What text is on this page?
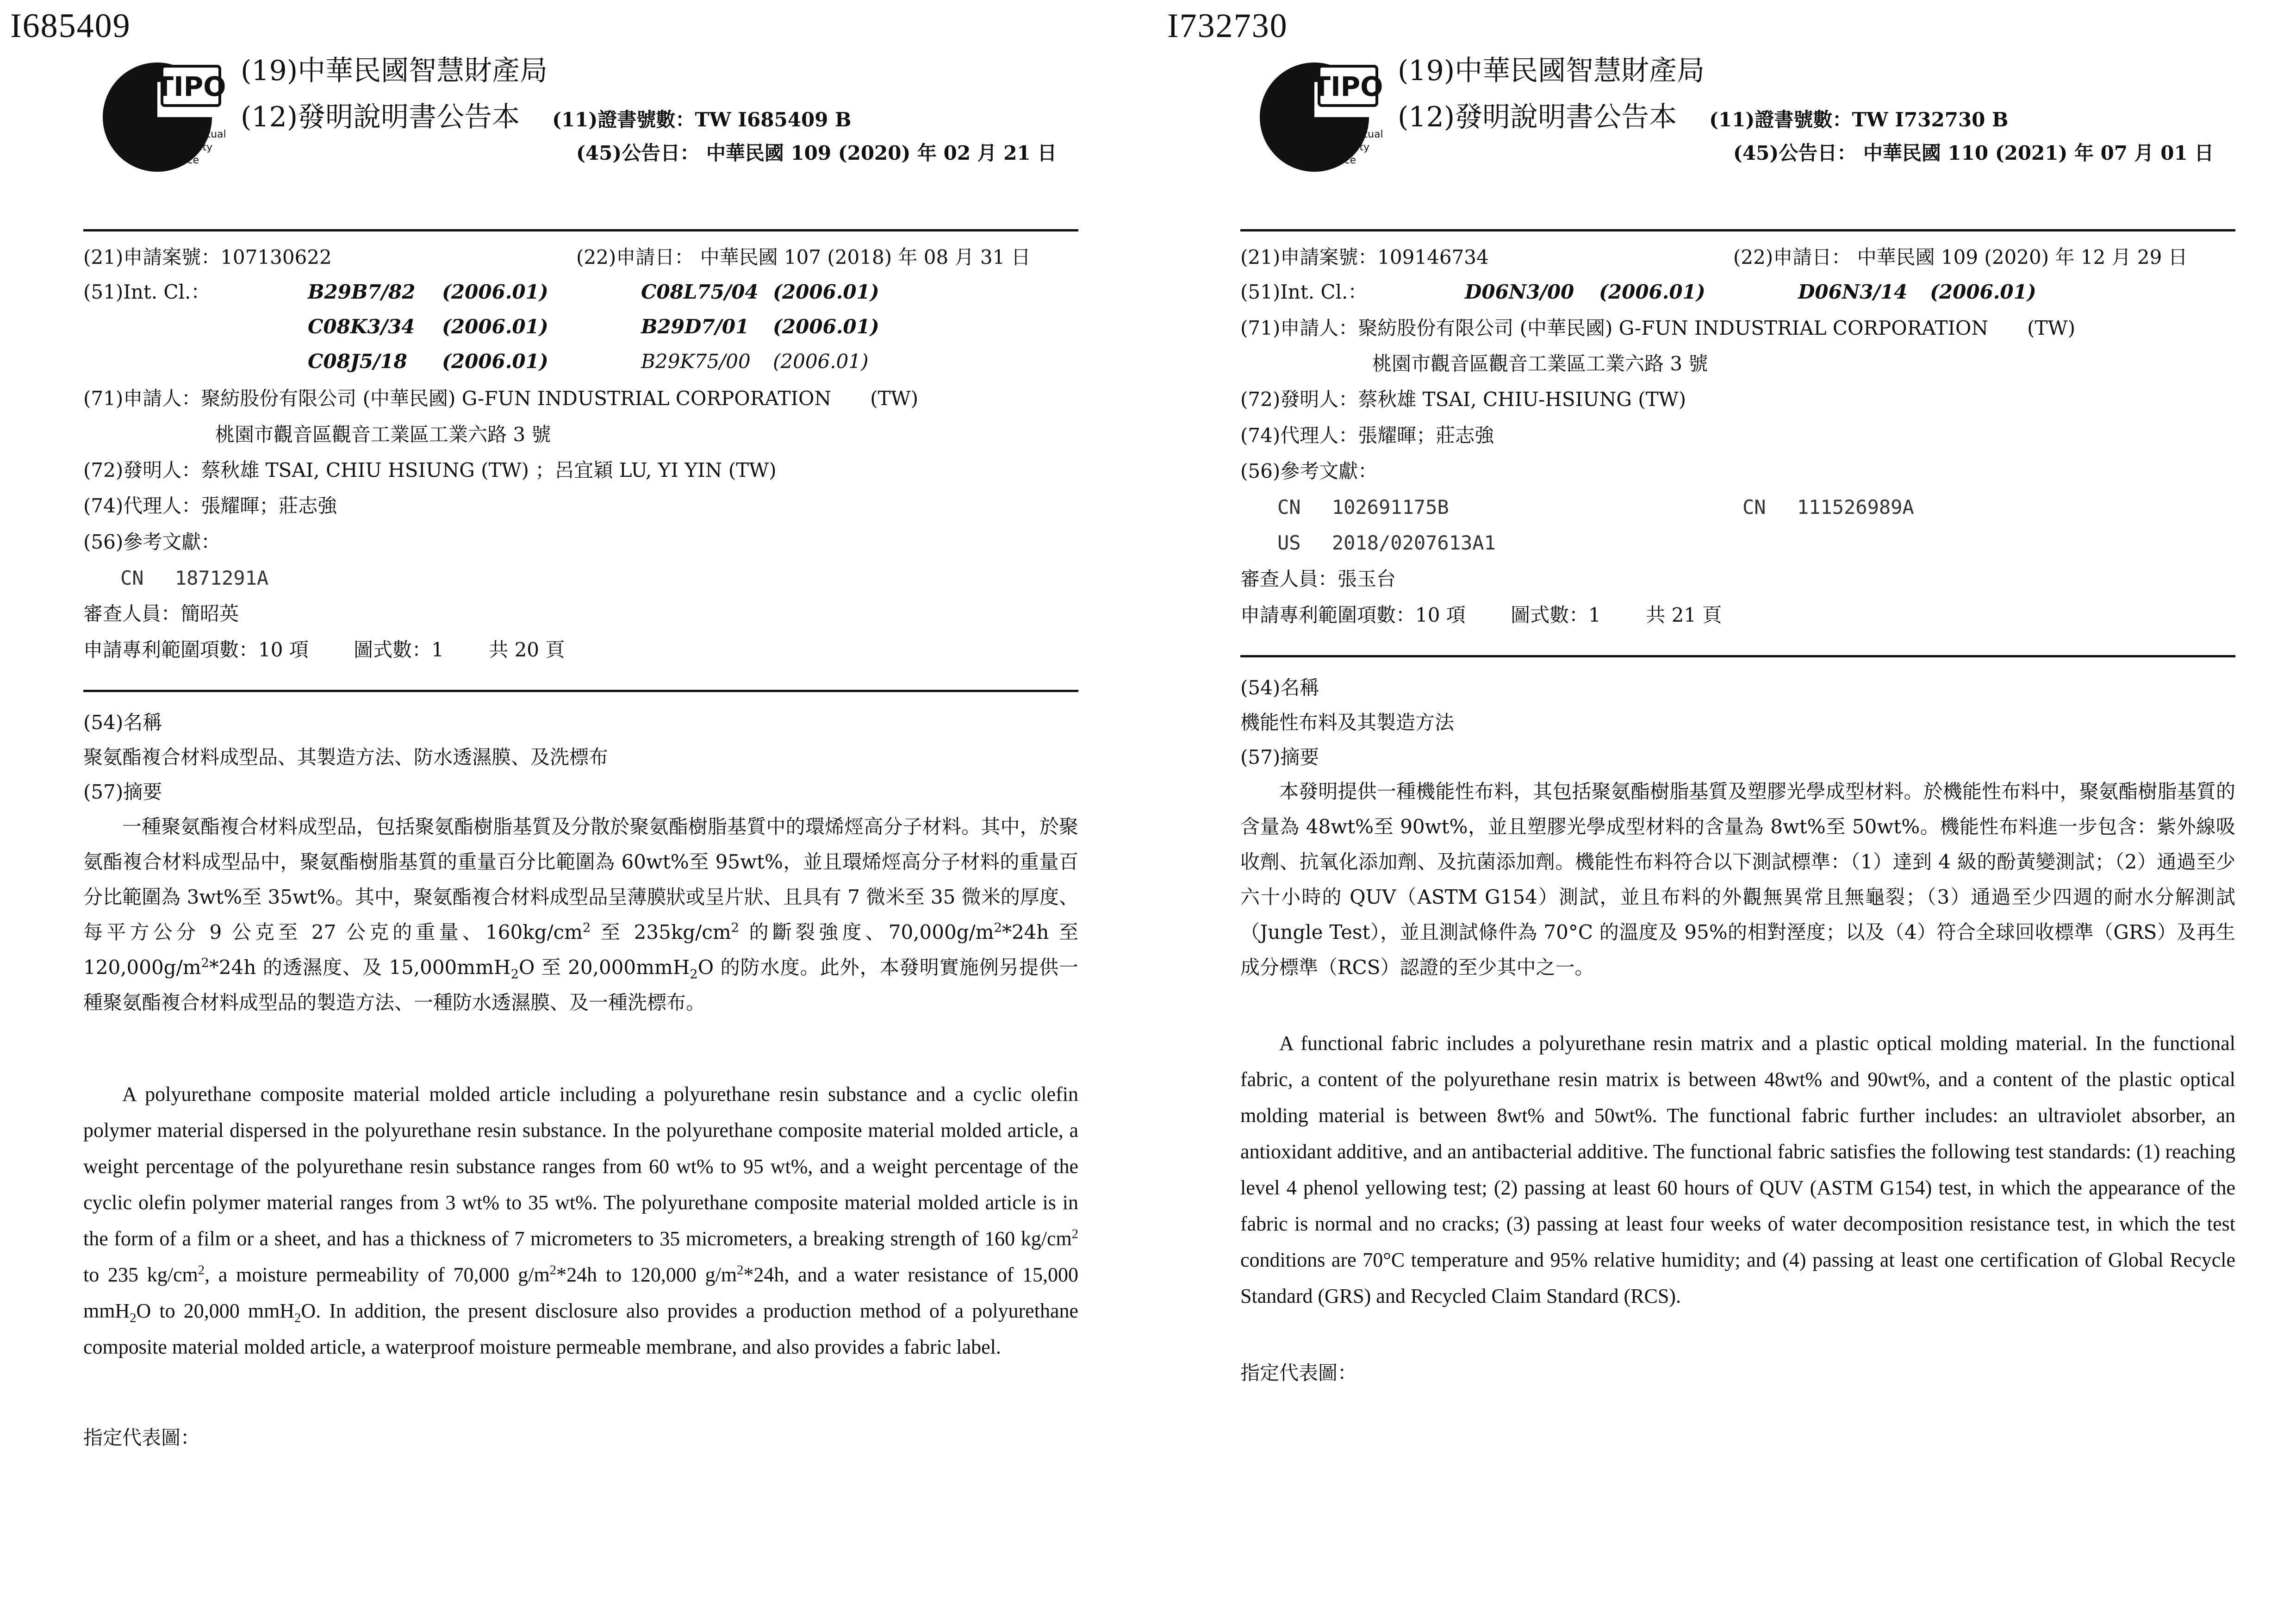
I685409
TIPO
Intellectual
Property
Office
(19)中華民國智慧財產局
(12)發明說明書公告本 (11)證書號數：TW I685409 B
(45)公告日： 中華民國 109 (2020) 年 02 月 21 日
(21)申請案號：107130622	(22)申請日： 中華民國 107 (2018) 年 08 月 31 日
(51)Int. Cl.：	B29B7/82 (2006.01)	C08L75/04 (2006.01)
C08K3/34 (2006.01)	B29D7/01 (2006.01)
C08J5/18 (2006.01)	B29K75/00 (2006.01)
(71)申請人：聚紡股份有限公司 (中華民國) G-FUN INDUSTRIAL CORPORATION　　(TW)
桃園市觀音區觀音工業區工業六路 3 號
(72)發明人：蔡秋雄 TSAI, CHIU HSIUNG (TW) ；呂宜穎 LU, YI YIN (TW)
(74)代理人：張耀暉；莊志強
(56)參考文獻：
CN　 1871291A
審查人員：簡昭英
申請專利範圍項數：10 項　　 圖式數：1　　 共 20 頁
(54)名稱
聚氨酯複合材料成型品、其製造方法、防水透濕膜、及洗標布
(57)摘要
一種聚氨酯複合材料成型品，包括聚氨酯樹脂基質及分散於聚氨酯樹脂基質中的環烯烴高分子材料。其中，於聚氨酯複合材料成型品中，聚氨酯樹脂基質的重量百分比範圍為 60wt%至 95wt%，並且環烯烴高分子材料的重量百分比範圍為 3wt%至 35wt%。其中，聚氨酯複合材料成型品呈薄膜狀或呈片狀、且具有 7 微米至 35 微米的厚度、每平方公分 9 公克至 27 公克的重量、$160kg/cm^2$ 至 $235kg/cm^2$ 的斷裂強度、$70,000g/m^2*24h$ 至 $120,000g/m^2*24h$ 的透濕度、及 15,000mmH$_2$O 至 20,000mmH$_2$O 的防水度。此外，本發明實施例另提供一種聚氨酯複合材料成型品的製造方法、一種防水透濕膜、及一種洗標布。
A polyurethane composite material molded article including a polyurethane resin substance and a cyclic olefin polymer material dispersed in the polyurethane resin substance. In the polyurethane composite material molded article, a weight percentage of the polyurethane resin substance ranges from 60 wt% to 95 wt%, and a weight percentage of the cyclic olefin polymer material ranges from 3 wt% to 35 wt%. The polyurethane composite material molded article is in the form of a film or a sheet, and has a thickness of 7 micrometers to 35 micrometers, a breaking strength of 160 $kg/cm^2$ to 235 $kg/cm^2$, a moisture permeability of 70,000 $g/m^2*24h$ to 120,000 $g/m^2*24h$, and a water resistance of 15,000 mmH$_2$O to 20,000 mmH$_2$O. In addition, the present disclosure also provides a production method of a polyurethane composite material molded article, a waterproof moisture permeable membrane, and also provides a fabric label.
指定代表圖：
I732730
TIPO
Intellectual
Property
Office
(19)中華民國智慧財產局
(12)發明說明書公告本 (11)證書號數：TW I732730 B
(45)公告日： 中華民國 110 (2021) 年 07 月 01 日
(21)申請案號：109146734	(22)申請日： 中華民國 109 (2020) 年 12 月 29 日
(51)Int. Cl.：	D06N3/00 (2006.01)	D06N3/14 (2006.01)
(71)申請人：聚紡股份有限公司 (中華民國) G-FUN INDUSTRIAL CORPORATION　　(TW)
桃園市觀音區觀音工業區工業六路 3 號
(72)發明人：蔡秋雄 TSAI, CHIU-HSIUNG (TW)
(74)代理人：張耀暉；莊志強
(56)參考文獻：
CN　 102691175B	CN　 111526989A
US　 2018/0207613A1
審查人員：張玉台
申請專利範圍項數：10 項　　 圖式數：1　　 共 21 頁
(54)名稱
機能性布料及其製造方法
(57)摘要
本發明提供一種機能性布料，其包括聚氨酯樹脂基質及塑膠光學成型材料。於機能性布料中，聚氨酯樹脂基質的含量為 48wt%至 90wt%，並且塑膠光學成型材料的含量為 8wt%至 50wt%。機能性布料進一步包含：紫外線吸收劑、抗氧化添加劑、及抗菌添加劑。機能性布料符合以下測試標準：（1）達到 4 級的酚黃變測試；（2）通過至少六十小時的 QUV（ASTM G154）測試，並且布料的外觀無異常且無龜裂；（3）通過至少四週的耐水分解測試（Jungle Test），並且測試條件為 70°C 的溫度及 95%的相對溼度；以及（4）符合全球回收標準（GRS）及再生成分標準（RCS）認證的至少其中之一。
A functional fabric includes a polyurethane resin matrix and a plastic optical molding material. In the functional fabric, a content of the polyurethane resin matrix is between 48wt% and 90wt%, and a content of the plastic optical molding material is between 8wt% and 50wt%. The functional fabric further includes: an ultraviolet absorber, an antioxidant additive, and an antibacterial additive. The functional fabric satisfies the following test standards: (1) reaching level 4 phenol yellowing test; (2) passing at least 60 hours of QUV (ASTM G154) test, in which the appearance of the fabric is normal and no cracks; (3) passing at least four weeks of water decomposition resistance test, in which the test conditions are 70°C temperature and 95% relative humidity; and (4) passing at least one certification of Global Recycle Standard (GRS) and Recycled Claim Standard (RCS).
指定代表圖：
